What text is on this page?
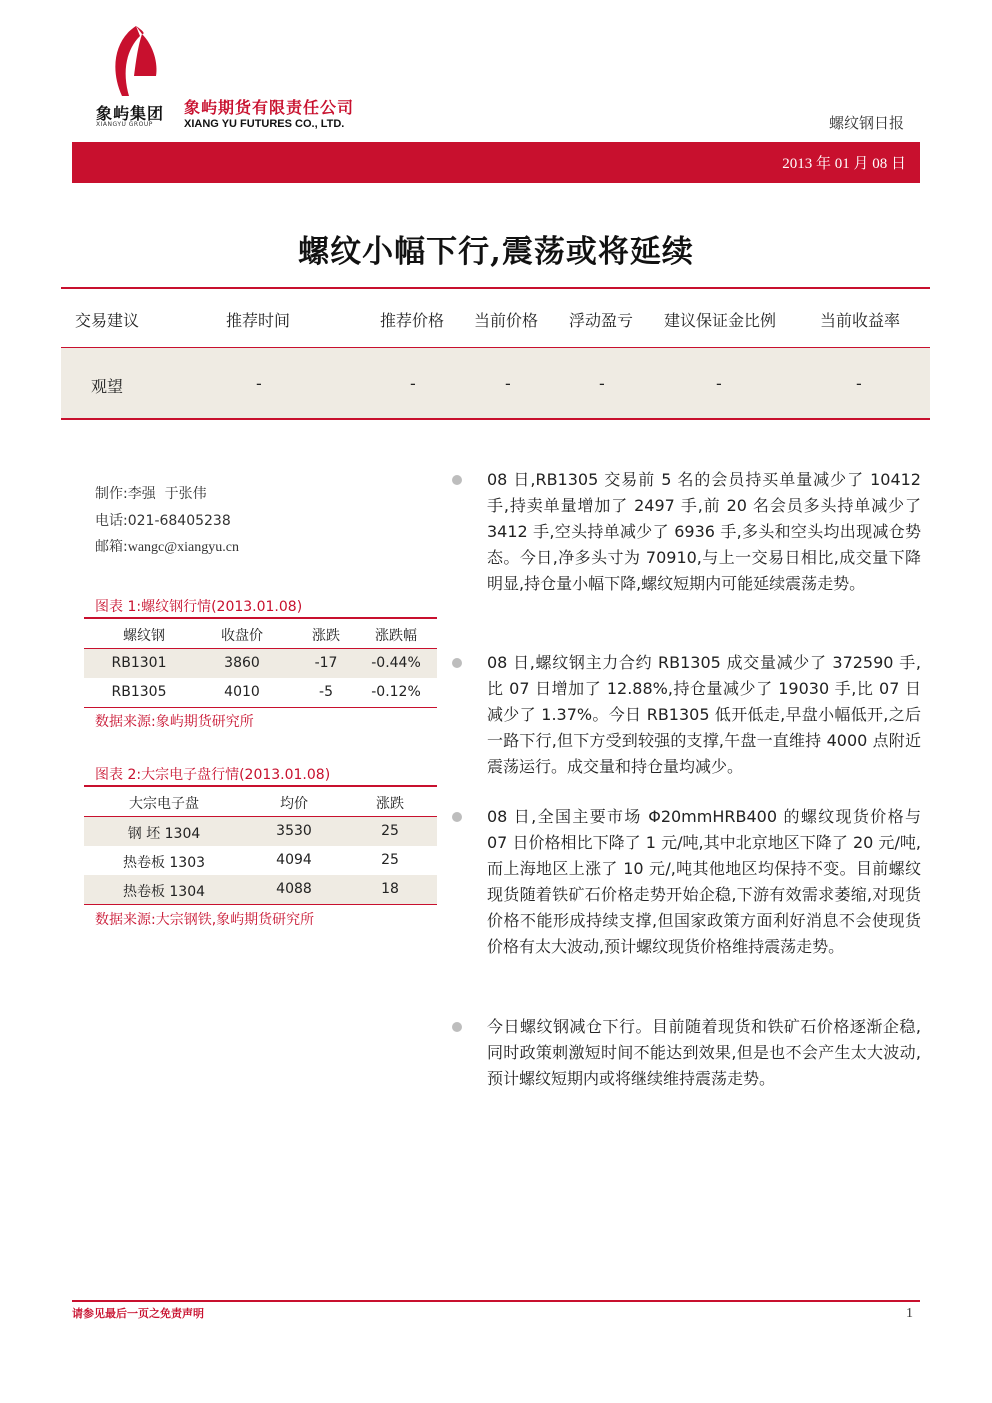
象屿集团
XIANGYU GROUP
象屿期货有限责任公司
XIANG YU FUTURES CO., LTD.	螺纹钢日报
2013 年 01 月 08 日
螺纹小幅下行,震荡或将延续
交易建议	推荐时间	推荐价格 当前价格 浮动盈亏 建议保证金比例	当前收益率
观望	-	-	-	-	-	-
制作:李强  于张伟
电话:021-68405238
邮箱:wangc@xiangyu.cn
图表 1:螺纹钢行情(2013.01.08)
螺纹钢	收盘价	涨跌	涨跌幅
RB1301	3860	-17	-0.44%
RB1305	4010	-5	-0.12%
数据来源:象屿期货研究所
图表 2:大宗电子盘行情(2013.01.08)
大宗电子盘	均价	涨跌
钢 坯 1304	3530	25
热卷板 1303	4094	25
热卷板 1304	4088	18
数据来源:大宗钢铁,象屿期货研究所
08 日,RB1305 交易前 5 名的会员持买单量减少了 10412 手,持卖单量增加了 2497 手,前 20 名会员多头持单减少了 3412 手,空头持单减少了 6936 手,多头和空头均出现减仓势态。今日,净多头寸为 70910,与上一交易日相比,成交量下降明显,持仓量小幅下降,螺纹短期内可能延续震荡走势。
08 日,螺纹钢主力合约 RB1305 成交量减少了 372590 手,比 07 日增加了 12.88%,持仓量减少了 19030 手,比 07 日减少了 1.37%。今日 RB1305 低开低走,早盘小幅低开,之后一路下行,但下方受到较强的支撑,午盘一直维持 4000 点附近震荡运行。成交量和持仓量均减少。
08 日,全国主要市场 Φ20mmHRB400 的螺纹现货价格与 07 日价格相比下降了 1 元/吨,其中北京地区下降了 20 元/吨,而上海地区上涨了 10 元/,吨其他地区均保持不变。目前螺纹现货随着铁矿石价格走势开始企稳,下游有效需求萎缩,对现货价格不能形成持续支撑,但国家政策方面利好消息不会使现货价格有太大波动,预计螺纹现货价格维持震荡走势。
今日螺纹钢减仓下行。目前随着现货和铁矿石价格逐渐企稳,同时政策刺激短时间不能达到效果,但是也不会产生太大波动,预计螺纹短期内或将继续维持震荡走势。
请参见最后一页之免责声明	1
